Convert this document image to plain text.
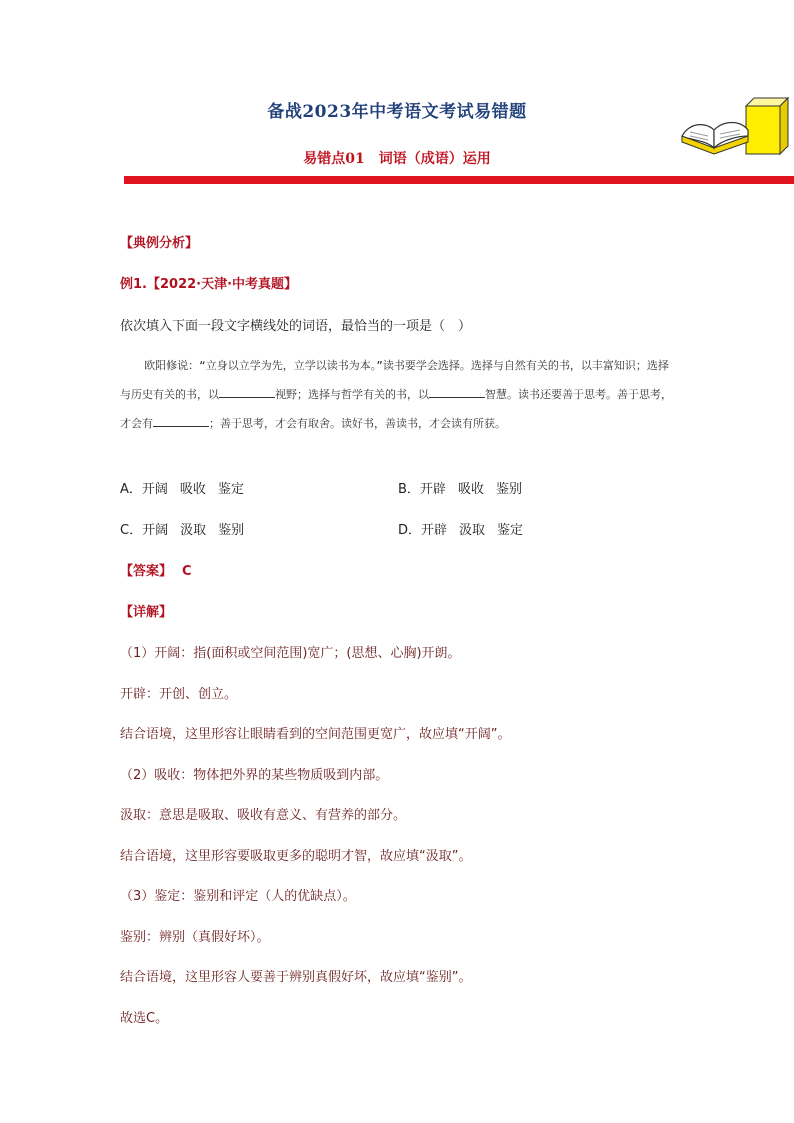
备战2023年中考语文考试易错题
易错点01　词语（成语）运用
【典例分析】
例1.【2022·天津·中考真题】
依次填入下面一段文字横线处的词语，最恰当的一项是（　）
欧阳修说：“立身以立学为先，立学以读书为本。”读书要学会选择。选择与自然有关的书，以丰富知识；选择与历史有关的书，以	视野；选择与哲学有关的书，以	智慧。读书还要善于思考。善于思考，才会有	；善于思考，才会有取舍。读好书，善读书，才会读有所获。
A．开阔 吸收 鉴定	B．开辟 吸收 鉴别
C．开阔 汲取 鉴别	D．开辟 汲取 鉴定
【答案】 C
【详解】
（1）开阔：指(面积或空间范围)宽广；(思想、心胸)开朗。
开辟：开创、创立。
结合语境，这里形容让眼睛看到的空间范围更宽广，故应填“开阔”。
（2）吸收：物体把外界的某些物质吸到内部。
汲取：意思是吸取、吸收有意义、有营养的部分。
结合语境，这里形容要吸取更多的聪明才智，故应填“汲取”。
（3）鉴定：鉴别和评定（人的优缺点）。
鉴别：辨别（真假好坏）。
结合语境，这里形容人要善于辨别真假好坏，故应填“鉴别”。
故选C。
